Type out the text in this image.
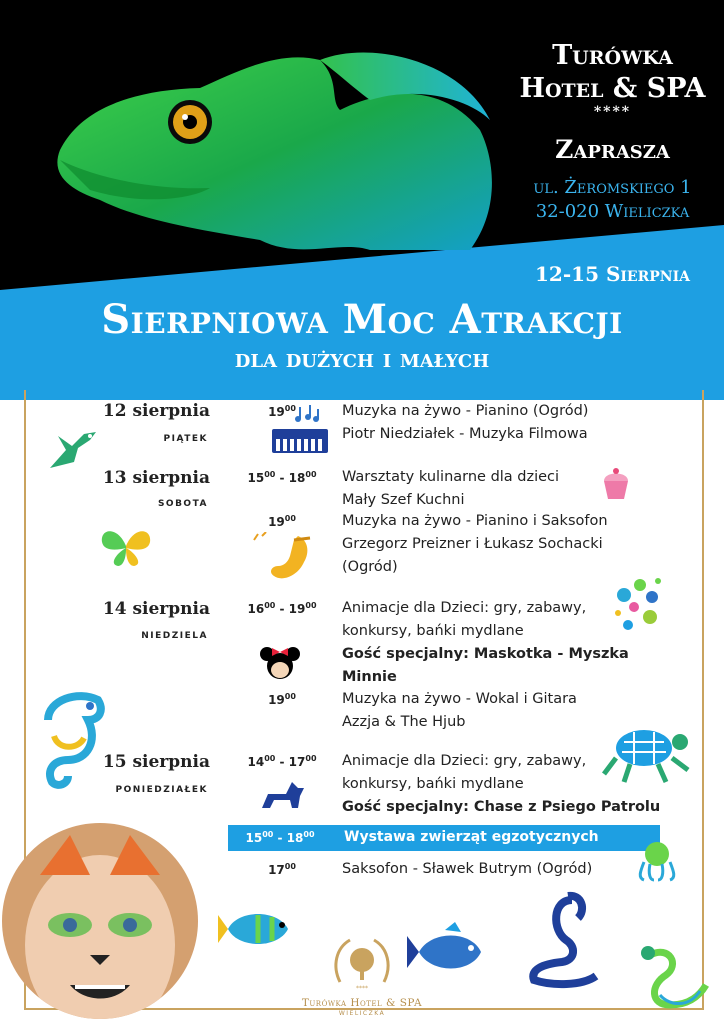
Turówka
Hotel & SPA
****
Zaprasza
ul. Żeromskiego 1
32-020 Wieliczka
12-15 Sierpnia
Sierpniowa Moc Atrakcji
dla dużych i małych
12 sierpnia
PIĄTEK
13 sierpnia
SOBOTA
14 sierpnia
NIEDZIELA
15 sierpnia
PONIEDZIAŁEK
$19^{00}$
$15^{00} - 18^{00}$
$19^{00}$
$16^{00} - 19^{00}$
$19^{00}$
$14^{00} - 17^{00}$
$17^{00}$
Muzyka na żywo - Pianino (Ogród)
Piotr Niedziałek - Muzyka Filmowa
Warsztaty kulinarne dla dzieci
Mały Szef Kuchni
Muzyka na żywo - Pianino i Saksofon
Grzegorz Preizner i Łukasz Sochacki
(Ogród)
Animacje dla Dzieci: gry, zabawy,
konkursy, bańki mydlane
Gość specjalny: Maskotka - Myszka Minnie
Muzyka na żywo - Wokal i Gitara
Azzja & The Hjub
Animacje dla Dzieci: gry, zabawy,
konkursy, bańki mydlane
Gość specjalny: Chase z Psiego Patrolu
Saksofon - Sławek Butrym (Ogród)
$15^{00} - 18^{00}$	Wystawa zwierząt egzotycznych
****
Turówka Hotel & SPA
WIELICZKA
